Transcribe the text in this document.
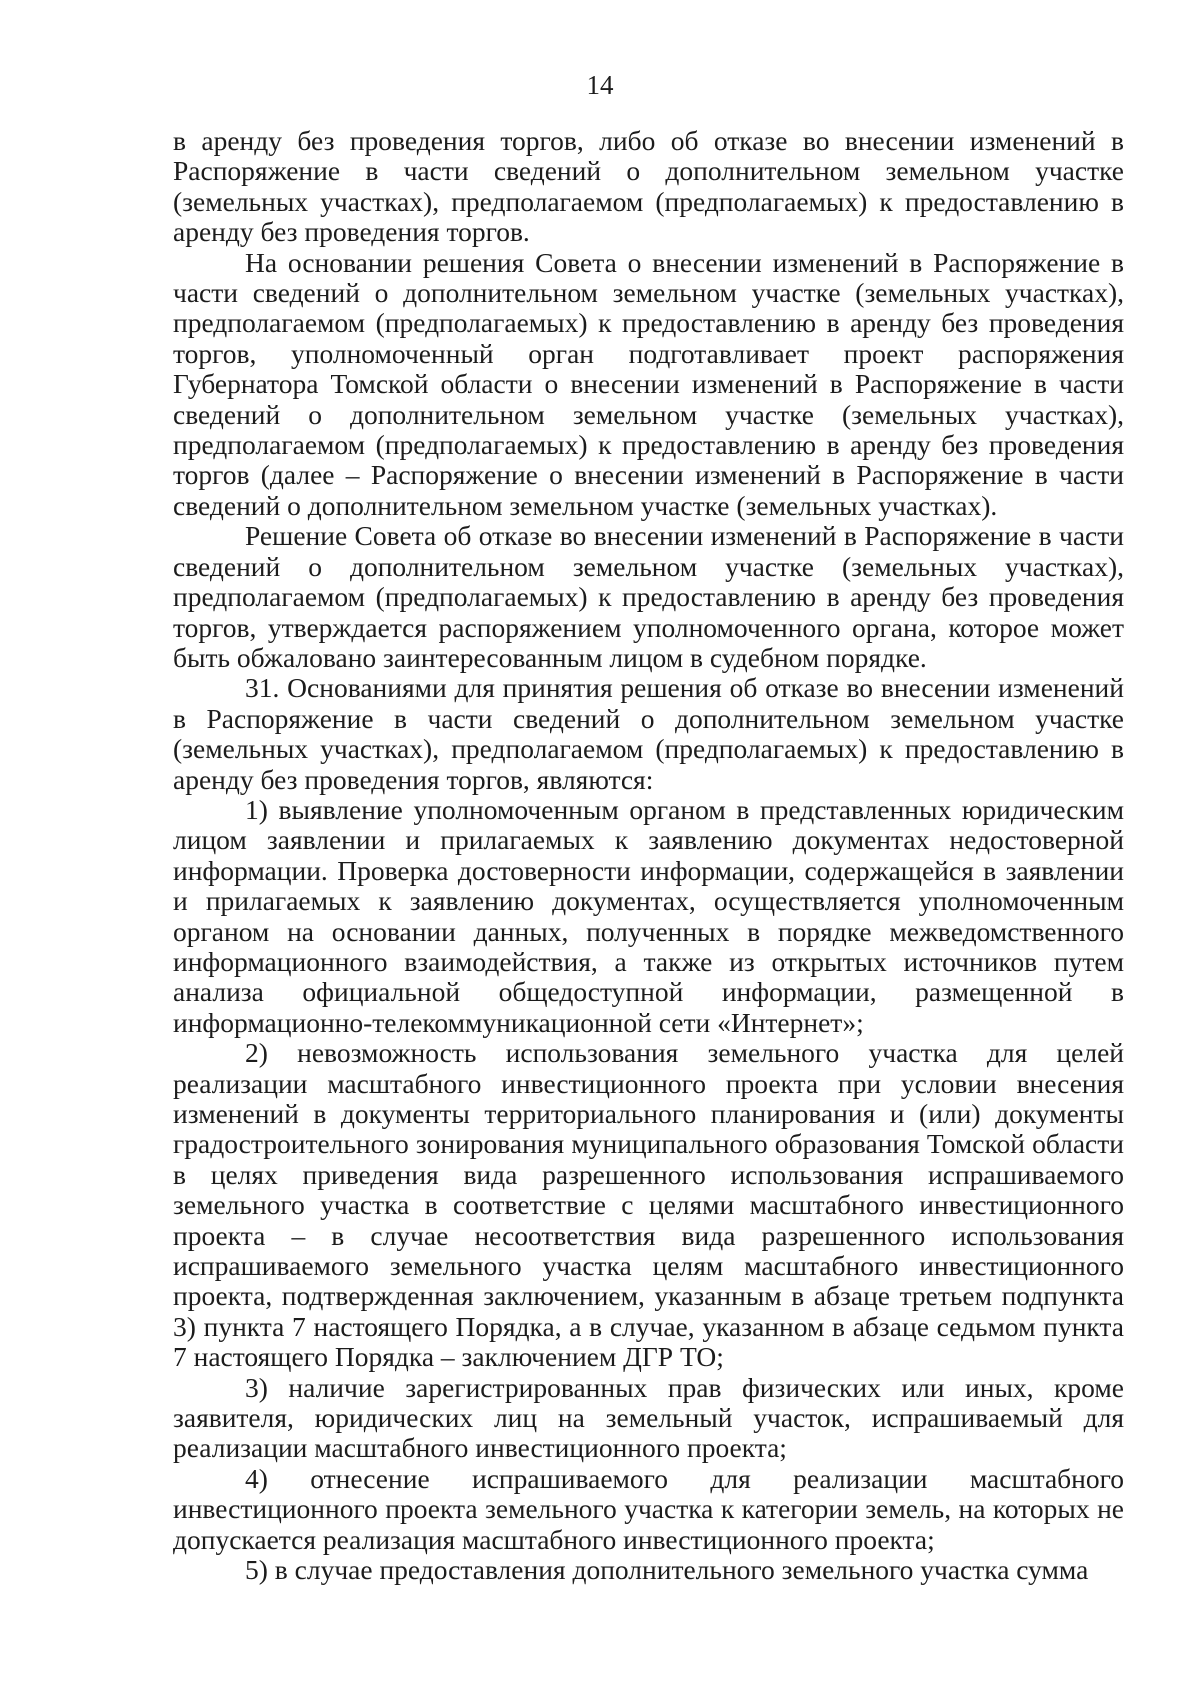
14

в аренду без проведения торгов, либо об отказе во внесении изменений в Распоряжение в части сведений о дополнительном земельном участке (земельных участках), предполагаемом (предполагаемых) к предоставлению в аренду без проведения торгов.

На основании решения Совета о внесении изменений в Распоряжение в части сведений о дополнительном земельном участке (земельных участках), предполагаемом (предполагаемых) к предоставлению в аренду без проведения торгов, уполномоченный орган подготавливает проект распоряжения Губернатора Томской области о внесении изменений в Распоряжение в части сведений о дополнительном земельном участке (земельных участках), предполагаемом (предполагаемых) к предоставлению в аренду без проведения торгов (далее – Распоряжение о внесении изменений в Распоряжение в части сведений о дополнительном земельном участке (земельных участках).

Решение Совета об отказе во внесении изменений в Распоряжение в части сведений о дополнительном земельном участке (земельных участках), предполагаемом (предполагаемых) к предоставлению в аренду без проведения торгов, утверждается распоряжением уполномоченного органа, которое может быть обжаловано заинтересованным лицом в судебном порядке.

31. Основаниями для принятия решения об отказе во внесении изменений в Распоряжение в части сведений о дополнительном земельном участке (земельных участках), предполагаемом (предполагаемых) к предоставлению в аренду без проведения торгов, являются:

1) выявление уполномоченным органом в представленных юридическим лицом заявлении и прилагаемых к заявлению документах недостоверной информации. Проверка достоверности информации, содержащейся в заявлении и прилагаемых к заявлению документах, осуществляется уполномоченным органом на основании данных, полученных в порядке межведомственного информационного взаимодействия, а также из открытых источников путем анализа официальной общедоступной информации, размещенной в информационно-телекоммуникационной сети «Интернет»;

2) невозможность использования земельного участка для целей реализации масштабного инвестиционного проекта при условии внесения изменений в документы территориального планирования и (или) документы градостроительного зонирования муниципального образования Томской области в целях приведения вида разрешенного использования испрашиваемого земельного участка в соответствие с целями масштабного инвестиционного проекта – в случае несоответствия вида разрешенного использования испрашиваемого земельного участка целям масштабного инвестиционного проекта, подтвержденная заключением, указанным в абзаце третьем подпункта 3) пункта 7 настоящего Порядка, а в случае, указанном в абзаце седьмом пункта 7 настоящего Порядка – заключением ДГР ТО;

3) наличие зарегистрированных прав физических или иных, кроме заявителя, юридических лиц на земельный участок, испрашиваемый для реализации масштабного инвестиционного проекта;

4) отнесение испрашиваемого для реализации масштабного инвестиционного проекта земельного участка к категории земель, на которых не допускается реализация масштабного инвестиционного проекта;

5) в случае предоставления дополнительного земельного участка сумма
